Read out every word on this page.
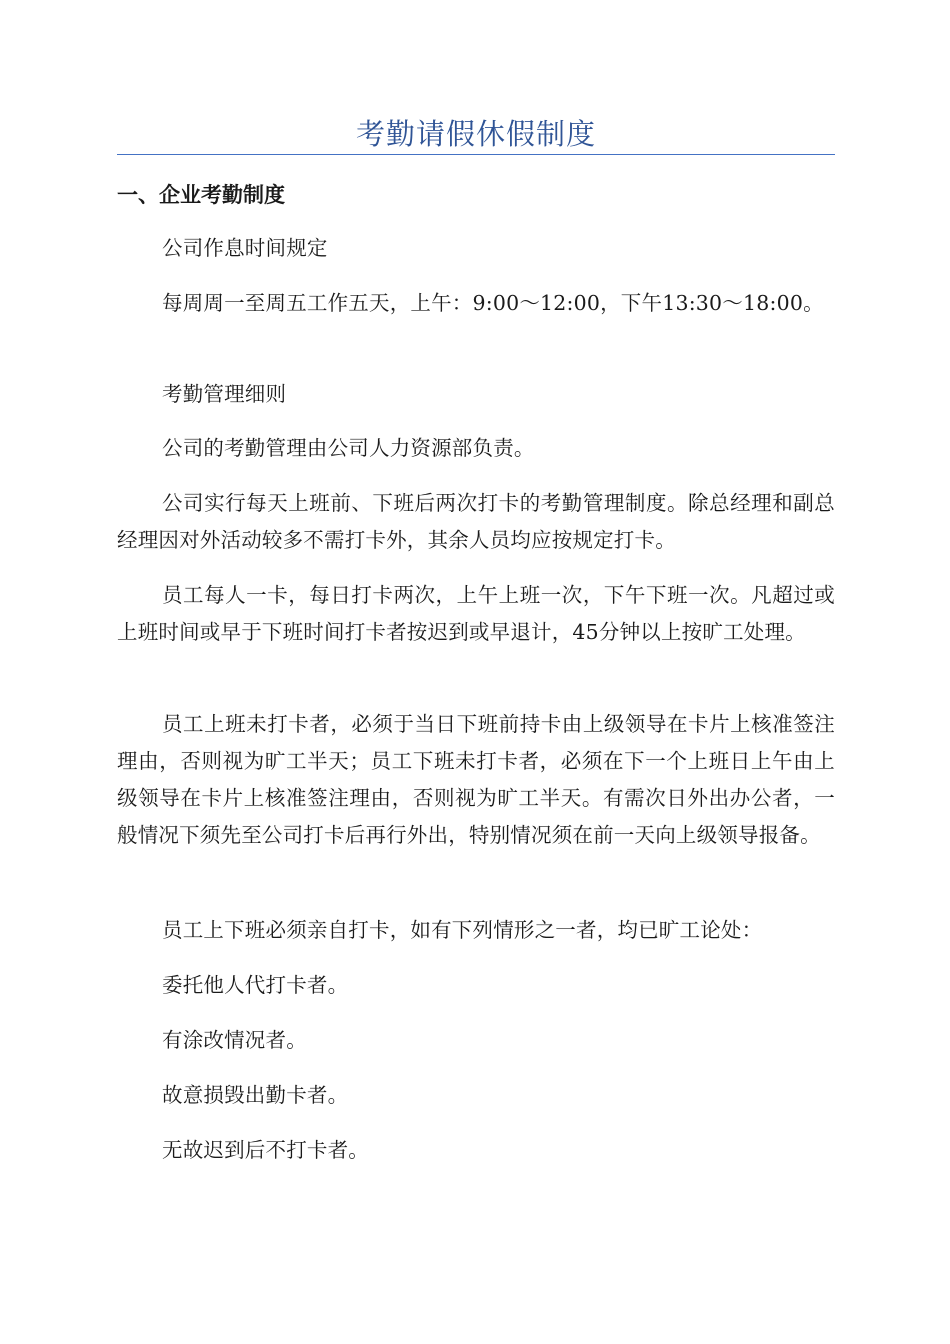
考勤请假休假制度
一、企业考勤制度

公司作息时间规定

每周周一至周五工作五天，上午：9:00～12:00，下午13:30～18:00。

考勤管理细则

公司的考勤管理由公司人力资源部负责。

公司实行每天上班前、下班后两次打卡的考勤管理制度。除总经理和副总经理因对外活动较多不需打卡外，其余人员均应按规定打卡。

员工每人一卡，每日打卡两次，上午上班一次，下午下班一次。凡超过或上班时间或早于下班时间打卡者按迟到或早退计，45分钟以上按旷工处理。

员工上班未打卡者，必须于当日下班前持卡由上级领导在卡片上核准签注理由，否则视为旷工半天；员工下班未打卡者，必须在下一个上班日上午由上级领导在卡片上核准签注理由，否则视为旷工半天。有需次日外出办公者，一般情况下须先至公司打卡后再行外出，特别情况须在前一天向上级领导报备。

员工上下班必须亲自打卡，如有下列情形之一者，均已旷工论处：

委托他人代打卡者。

有涂改情况者。

故意损毁出勤卡者。

无故迟到后不打卡者。
